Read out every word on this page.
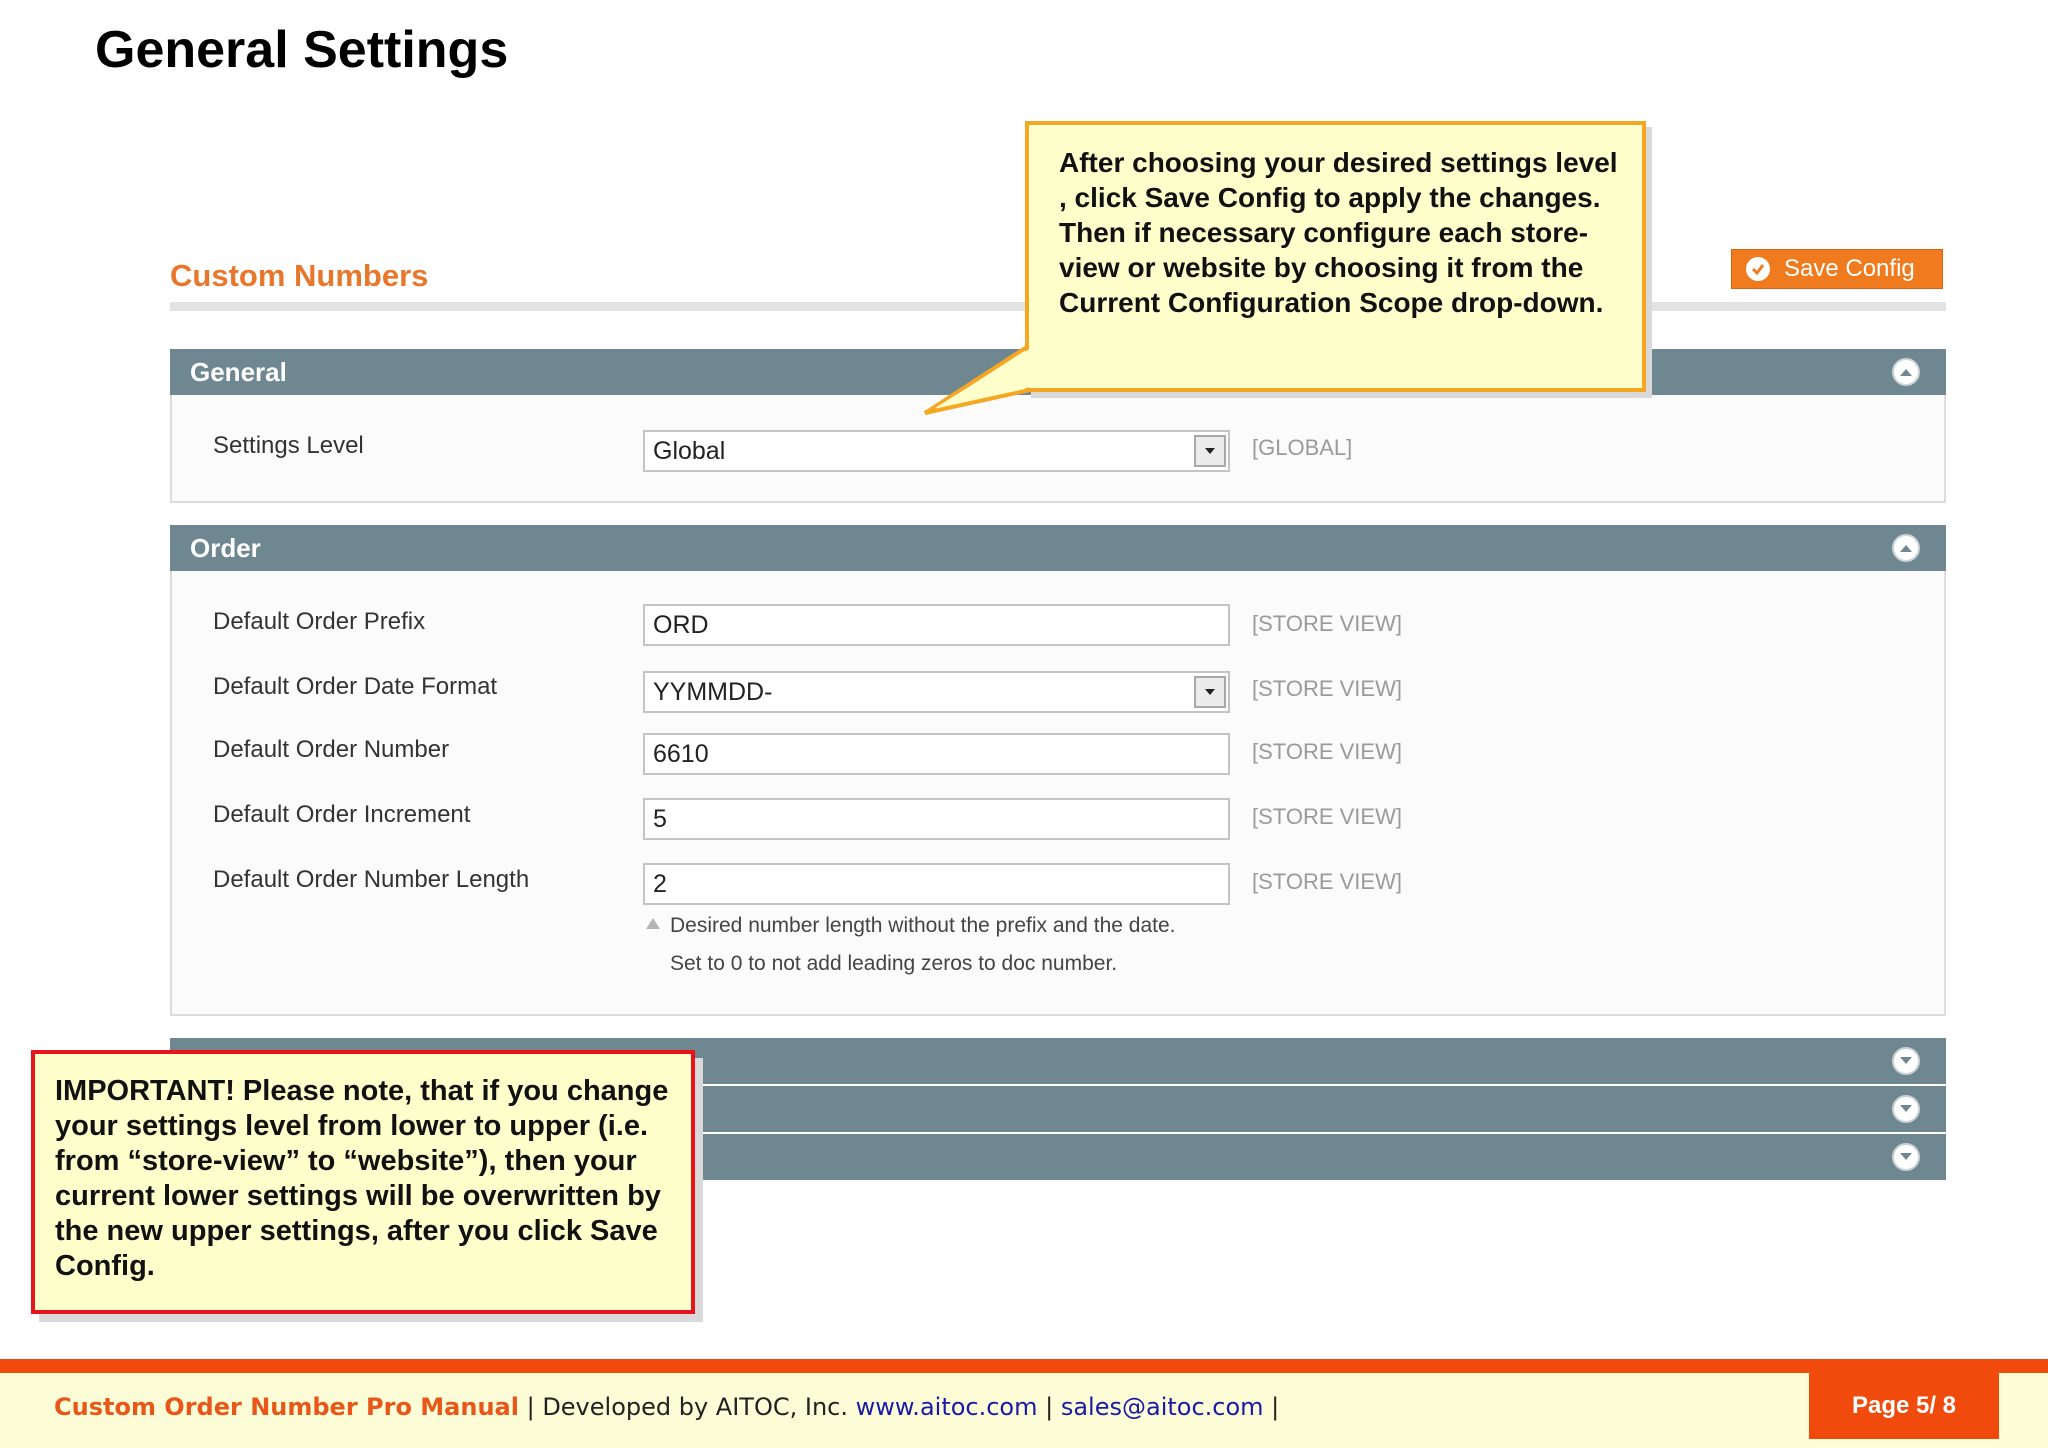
General Settings
Custom Numbers	Save Config
General
Settings Level	Global	[GLOBAL]
Order
Default Order Prefix	ORD	[STORE VIEW]
Default Order Date Format	YYMMDD-	[STORE VIEW]
Default Order Number	6610	[STORE VIEW]
Default Order Increment	5	[STORE VIEW]
Default Order Number Length	2	[STORE VIEW]
Desired number length without the prefix and the date.
Set to 0 to not add leading zeros to doc number.
After choosing your desired settings level , click Save Config to apply the changes. Then if necessary configure each store-view or website by choosing it from the Current Configuration Scope drop-down.
IMPORTANT! Please note, that if you change your settings level from lower to upper (i.e. from “store-view” to “website”), then your current lower settings will be overwritten by the new upper settings, after you click Save Config.
Custom Order Number Pro Manual | Developed by AITOC, Inc. www.aitoc.com | sales@aitoc.com |	Page 5/ 8
